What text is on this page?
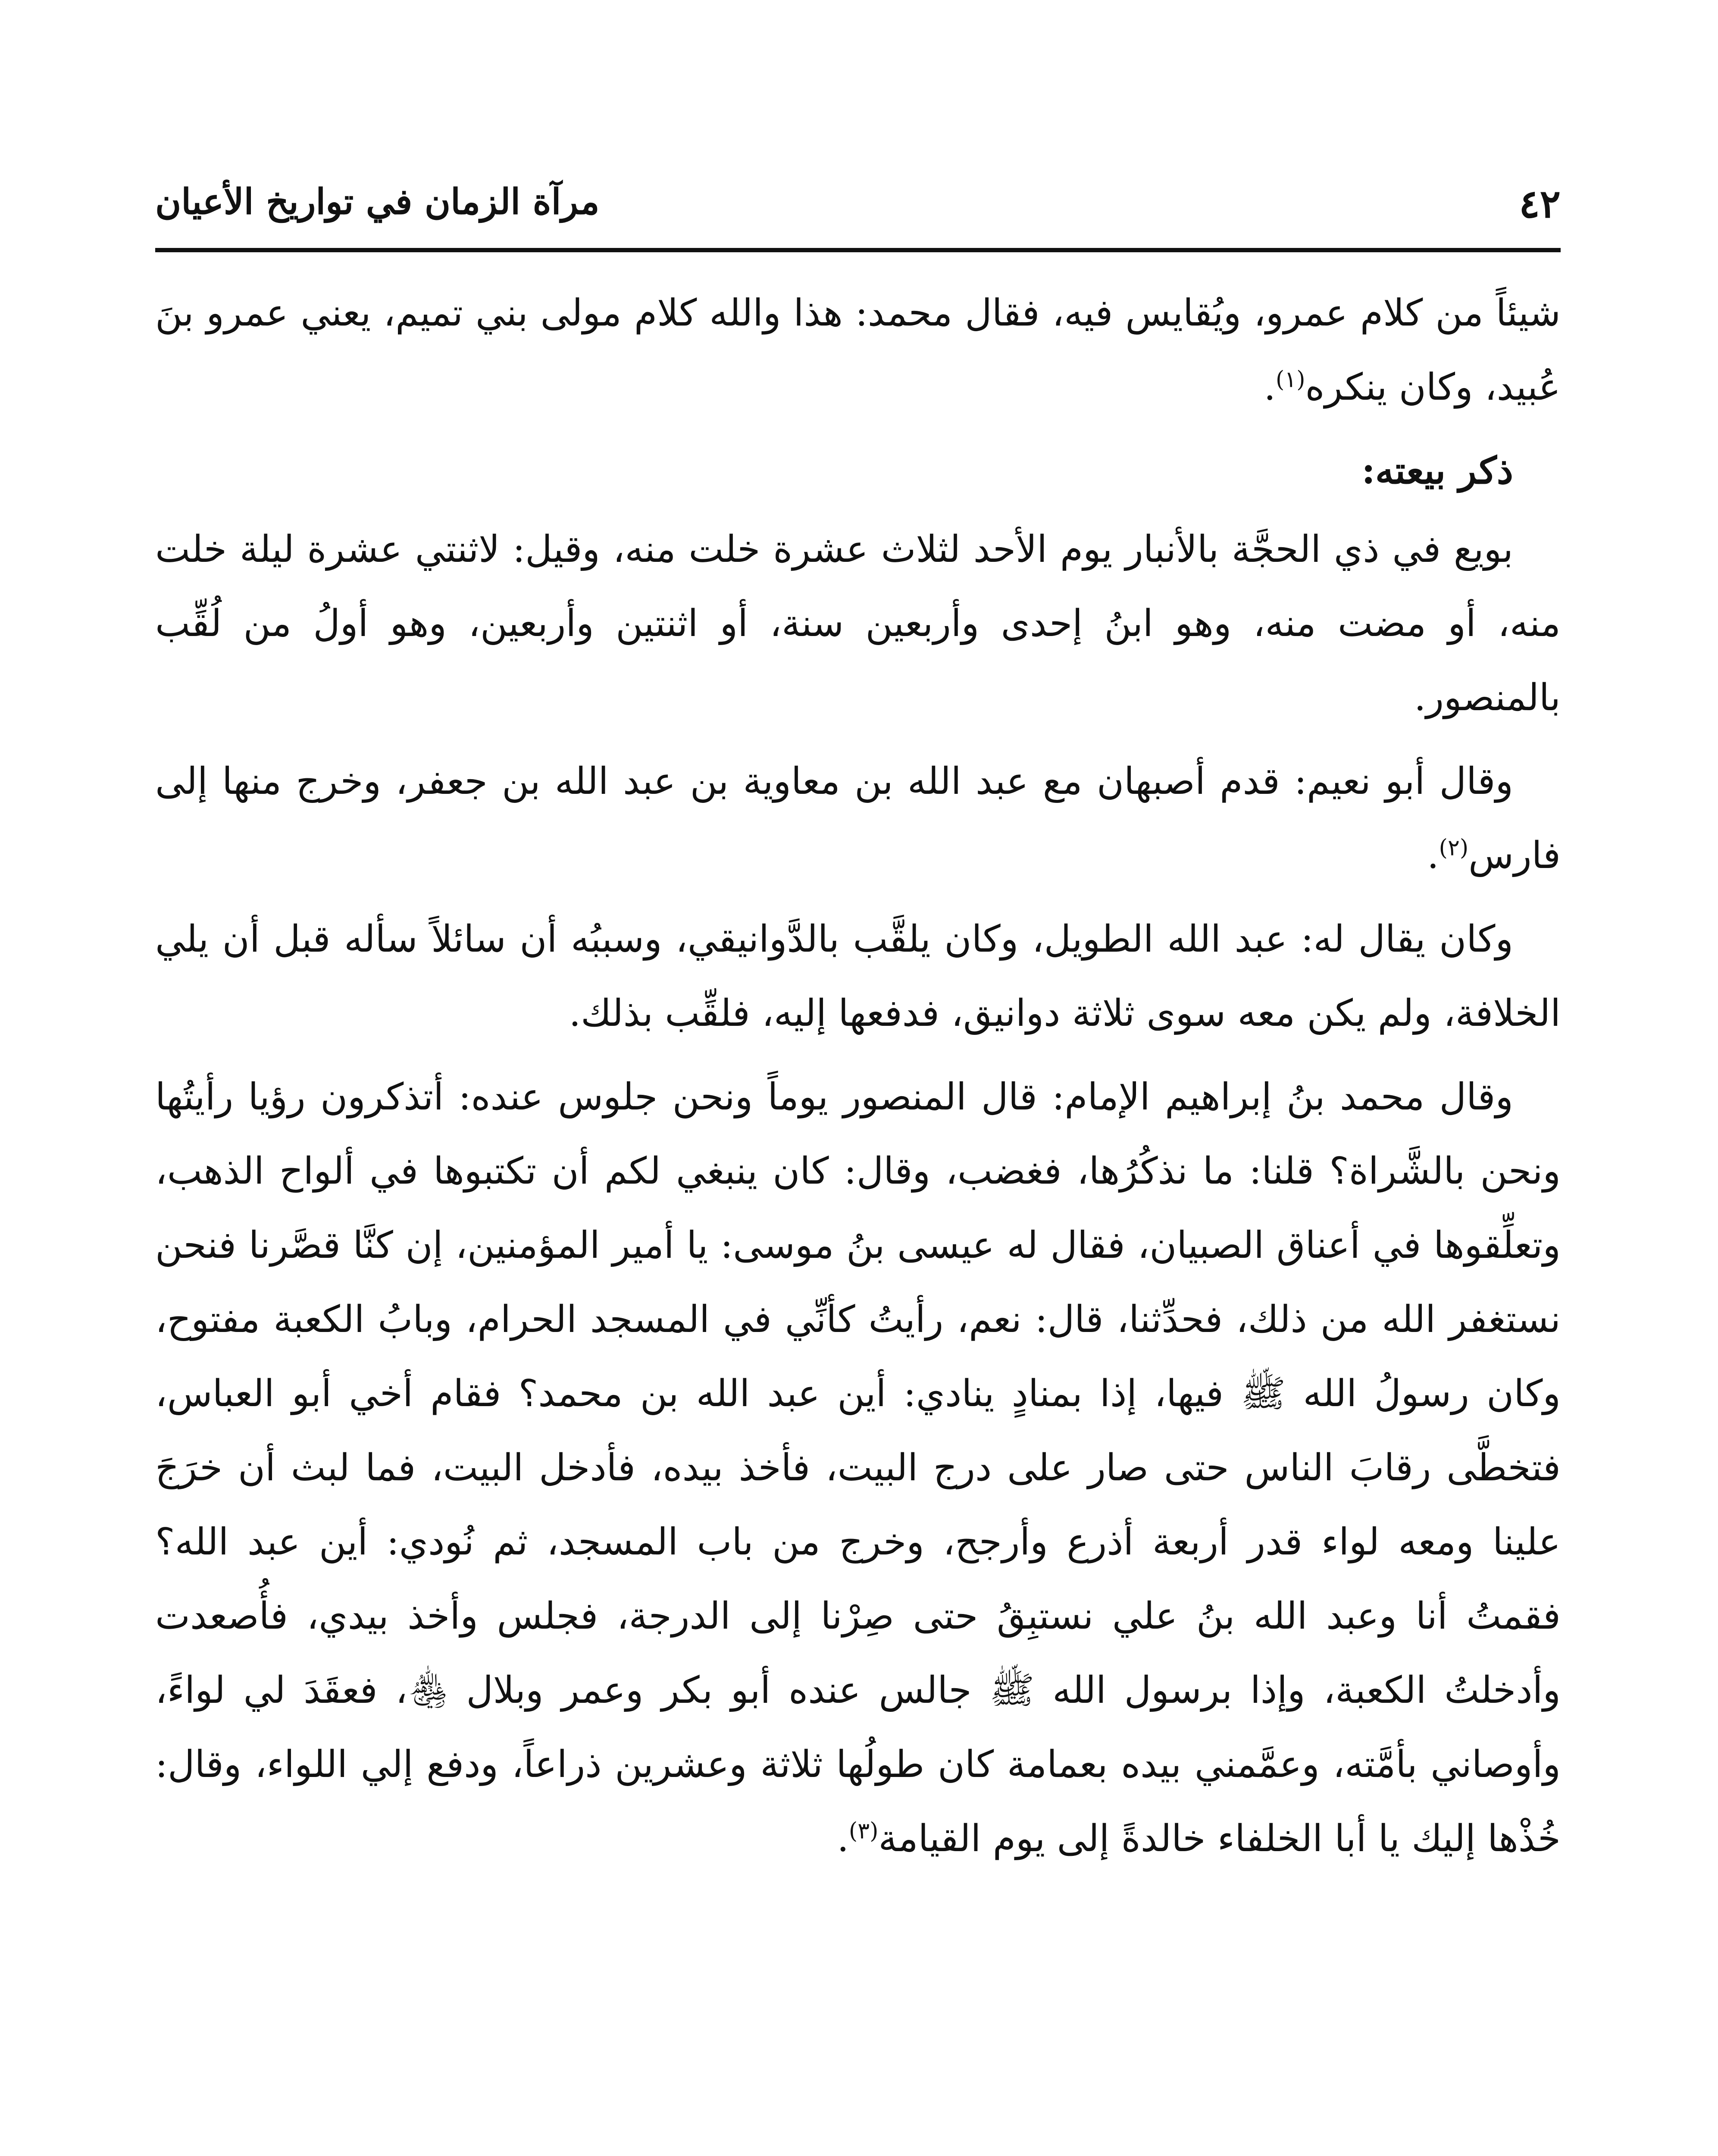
٤٢
مرآة الزمان في تواريخ الأعيان

شيئاً من كلام عمرو، ويُقايس فيه، فقال محمد: هذا والله كلام مولى بني تميم، يعني عمرو بنَ عُبيد، وكان ينكره$^{(١)}$.

ذكر بيعته:

بويع في ذي الحجَّة بالأنبار يوم الأحد لثلاث عشرة خلت منه، وقيل: لاثنتي عشرة ليلة خلت منه، أو مضت منه، وهو ابنُ إحدى وأربعين سنة، أو اثنتين وأربعين، وهو أولُ من لُقِّب بالمنصور.

وقال أبو نعيم: قدم أصبهان مع عبد الله بن معاوية بن عبد الله بن جعفر، وخرج منها إلى فارس$^{(٢)}$.

وكان يقال له: عبد الله الطويل، وكان يلقَّب بالدَّوانيقي، وسببُه أن سائلاً سأله قبل أن يلي الخلافة، ولم يكن معه سوى ثلاثة دوانيق، فدفعها إليه، فلقِّب بذلك.

وقال محمد بنُ إبراهيم الإمام: قال المنصور يوماً ونحن جلوس عنده: أتذكرون رؤيا رأيتُها ونحن بالشَّراة؟ قلنا: ما نذكُرُها، فغضب، وقال: كان ينبغي لكم أن تكتبوها في ألواح الذهب، وتعلِّقوها في أعناق الصبيان، فقال له عيسى بنُ موسى: يا أمير المؤمنين، إن كنَّا قصَّرنا فنحن نستغفر الله من ذلك، فحدِّثنا، قال: نعم، رأيتُ كأنِّي في المسجد الحرام، وبابُ الكعبة مفتوح، وكان رسولُ الله ﷺ فيها، إذا بمنادٍ ينادي: أين عبد الله بن محمد؟ فقام أخي أبو العباس، فتخطَّى رقابَ الناس حتى صار على درج البيت، فأخذ بيده، فأدخل البيت، فما لبث أن خرَجَ علينا ومعه لواء قدر أربعة أذرع وأرجح، وخرج من باب المسجد، ثم نُودي: أين عبد الله؟ فقمتُ أنا وعبد الله بنُ علي نستبِقُ حتى صِرْنا إلى الدرجة، فجلس وأخذ بيدي، فأُصعدت وأدخلتُ الكعبة، وإذا برسول الله ﷺ جالس عنده أبو بكر وعمر وبلال ﵃، فعقَدَ لي لواءً، وأوصاني بأمَّته، وعمَّمني بيده بعمامة كان طولُها ثلاثة وعشرين ذراعاً، ودفع إلي اللواء، وقال: خُذْها إليك يا أبا الخلفاء خالدةً إلى يوم القيامة$^{(٣)}$.
